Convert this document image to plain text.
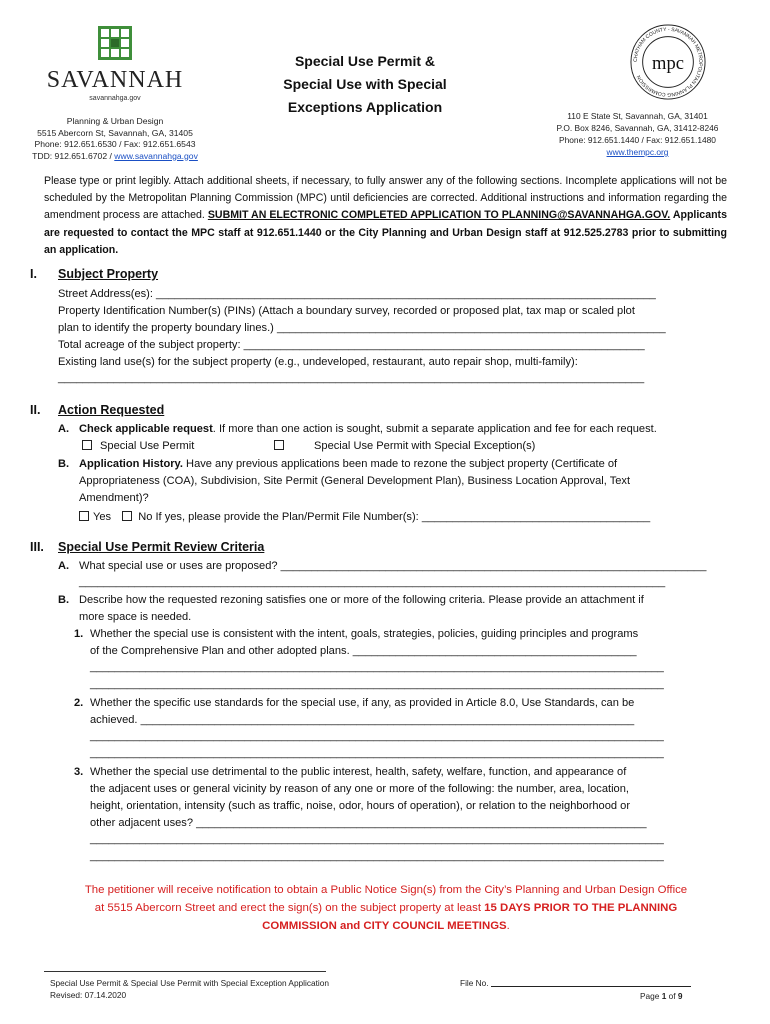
SAVANNAH
savannahga.gov
Planning & Urban Design
5515 Abercorn St, Savannah, GA, 31405
Phone: 912.651.6530 / Fax: 912.651.6543
TDD: 912.651.6702 / www.savannahga.gov
Special Use Permit &
Special Use with Special
Exceptions Application
CHATHAM COUNTY - SAVANNAH METROPOLITAN PLANNING COMMISSION
mpc
110 E State St, Savannah, GA, 31401
P.O. Box 8246, Savannah, GA, 31412-8246
Phone: 912.651.1440 / Fax: 912.651.1480
www.thempc.org
Please type or print legibly. Attach additional sheets, if necessary, to fully answer any of the following sections. Incomplete applications will not be scheduled by the Metropolitan Planning Commission (MPC) until deficiencies are corrected. Additional instructions and information regarding the amendment process are attached. SUBMIT AN ELECTRONIC COMPLETED APPLICATION TO PLANNING@SAVANNAHGA.GOV. Applicants are requested to contact the MPC staff at 912.651.1440 or the City Planning and Urban Design staff at 912.525.2783 prior to submitting an application.
I. Subject Property
Street Address(es): _________________________________________________________________________________
Property Identification Number(s) (PINs) (Attach a boundary survey, recorded or proposed plat, tax map or scaled plot
plan to identify the property boundary lines.) _______________________________________________________________
Total acreage of the subject property: _________________________________________________________________
Existing land use(s) for the subject property (e.g., undeveloped, restaurant, auto repair shop, multi-family):
_______________________________________________________________________________________________
II. Action Requested
A. Check applicable request. If more than one action is sought, submit a separate application and fee for each request.
Special Use Permit	Special Use Permit with Special Exception(s)
B. Application History. Have any previous applications been made to rezone the subject property (Certificate of
Appropriateness (COA), Subdivision, Site Permit (General Development Plan), Business Location Approval, Text
Amendment)?
Yes No If yes, please provide the Plan/Permit File Number(s): _____________________________________
III. Special Use Permit Review Criteria
A. What special use or uses are proposed? _____________________________________________________________________
_______________________________________________________________________________________________
B. Describe how the requested rezoning satisfies one or more of the following criteria. Please provide an attachment if
more space is needed.
1. Whether the special use is consistent with the intent, goals, strategies, policies, guiding principles and programs
of the Comprehensive Plan and other adopted plans. ______________________________________________
_____________________________________________________________________________________________
_____________________________________________________________________________________________
2. Whether the specific use standards for the special use, if any, as provided in Article 8.0, Use Standards, can be
achieved. ________________________________________________________________________________
_____________________________________________________________________________________________
_____________________________________________________________________________________________
3. Whether the special use detrimental to the public interest, health, safety, welfare, function, and appearance of
the adjacent uses or general vicinity by reason of any one or more of the following: the number, area, location,
height, orientation, intensity (such as traffic, noise, odor, hours of operation), or relation to the neighborhood or
other adjacent uses? _________________________________________________________________________
_____________________________________________________________________________________________
_____________________________________________________________________________________________
The petitioner will receive notification to obtain a Public Notice Sign(s) from the City’s Planning and Urban Design Office
at 5515 Abercorn Street and erect the sign(s) on the subject property at least 15 DAYS PRIOR TO THE PLANNING
COMMISSION and CITY COUNCIL MEETINGS.
Special Use Permit & Special Use Permit with Special Exception Application
Revised: 07.14.2020
File No.
Page 1 of 9
